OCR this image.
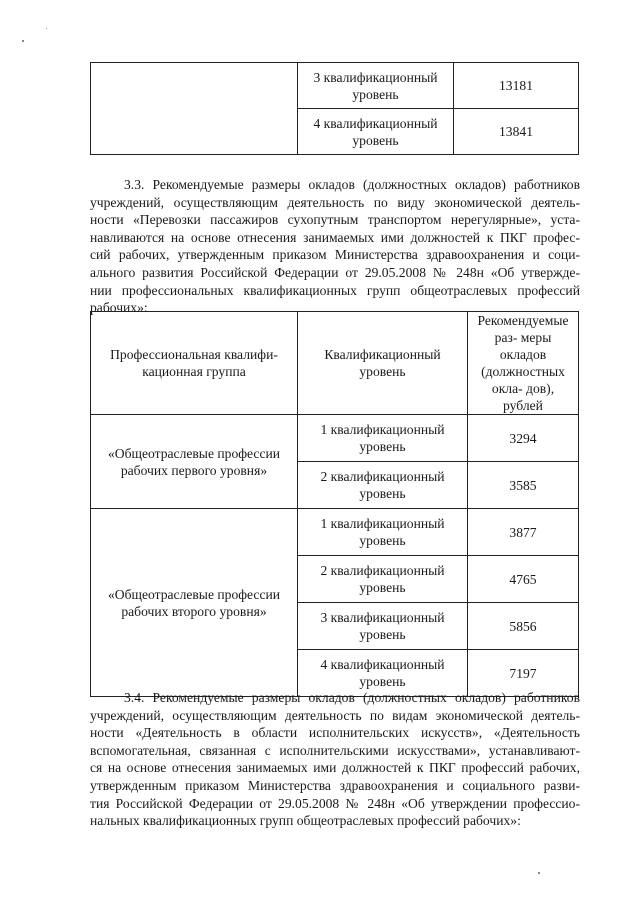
	3 квалификационный уровень	13181
	4 квалификационный уровень	13841
3.3. Рекомендуемые размеры окладов (должностных окладов) работников
учреждений, осуществляющим деятельность по виду экономической деятель-
ности «Перевозки пассажиров сухопутным транспортом нерегулярные», уста-
навливаются на основе отнесения занимаемых ими должностей к ПКГ профес-
сий рабочих, утвержденным приказом Министерства здравоохранения и соци-
ального развития Российской Федерации от 29.05.2008 № 248н «Об утвержде-
нии профессиональных квалификационных групп общеотраслевых профессий
рабочих»:
Профессиональная квалифи- кационная группа	Квалификационный уровень	Рекомендуемые раз- меры окладов (должностных окла- дов), рублей
«Общеотраслевые профессии рабочих первого уровня»	1 квалификационный уровень	3294
	2 квалификационный уровень	3585
«Общеотраслевые профессии рабочих второго уровня»	1 квалификационный уровень	3877
	2 квалификационный уровень	4765
	3 квалификационный уровень	5856
	4 квалификационный уровень	7197
3.4. Рекомендуемые размеры окладов (должностных окладов) работников
учреждений, осуществляющим деятельность по видам экономической деятель-
ности «Деятельность в области исполнительских искусств», «Деятельность
вспомогательная, связанная с исполнительскими искусствами», устанавливают-
ся на основе отнесения занимаемых ими должностей к ПКГ профессий рабочих,
утвержденным приказом Министерства здравоохранения и социального разви-
тия Российской Федерации от 29.05.2008 № 248н «Об утверждении профессио-
нальных квалификационных групп общеотраслевых профессий рабочих»:
